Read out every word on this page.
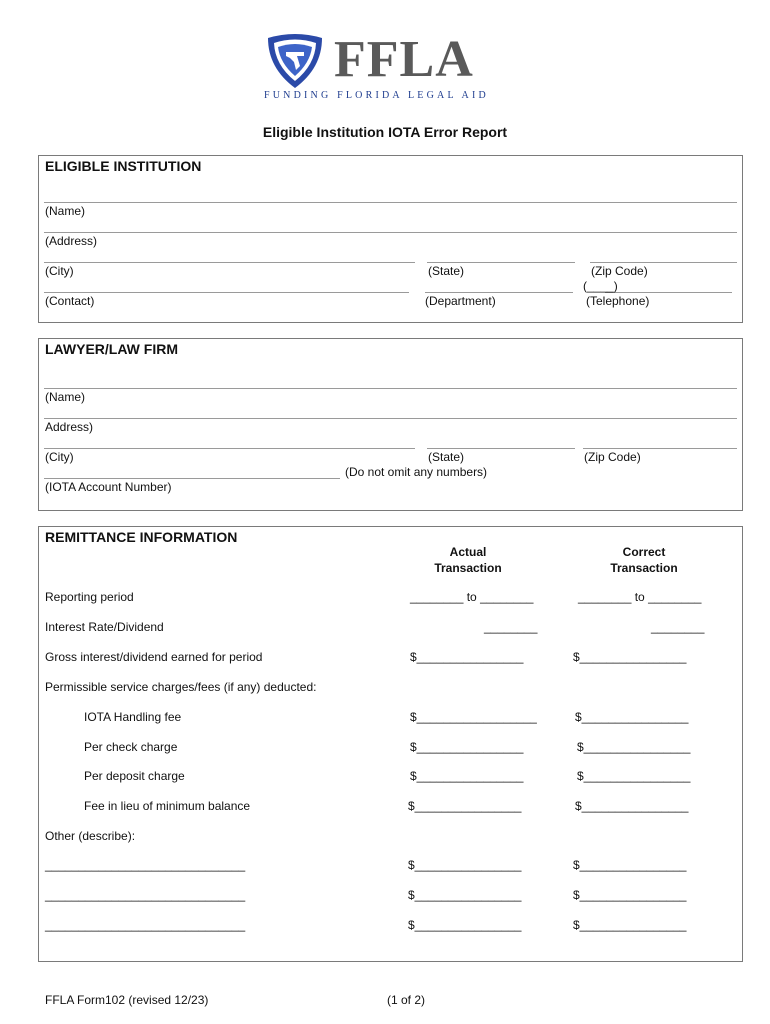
FFLA
FUNDING FLORIDA LEGAL AID
Eligible Institution IOTA Error Report
ELIGIBLE INSTITUTION
(Name)
(Address)
(City)	(State)	(Zip Code)
(____)
(Contact)	(Department)	(Telephone)
LAWYER/LAW FIRM
(Name)
Address)
(City)	(State)	(Zip Code)
(Do not omit any numbers)
(IOTA Account Number)
REMITTANCE INFORMATION
Actual
Transaction
Correct
Transaction
Reporting period	________ to ________	________ to ________
Interest Rate/Dividend	________	________
Gross interest/dividend earned for period	$________________	$________________
Permissible service charges/fees (if any) deducted:
IOTA Handling fee	$__________________	$________________
Per check charge	$________________	$________________
Per deposit charge	$________________	$________________
Fee in lieu of minimum balance	$________________	$________________
Other (describe):
______________________________	$________________	$________________
______________________________	$________________	$________________
______________________________	$________________	$________________
FFLA Form102 (revised 12/23)	(1 of 2)
